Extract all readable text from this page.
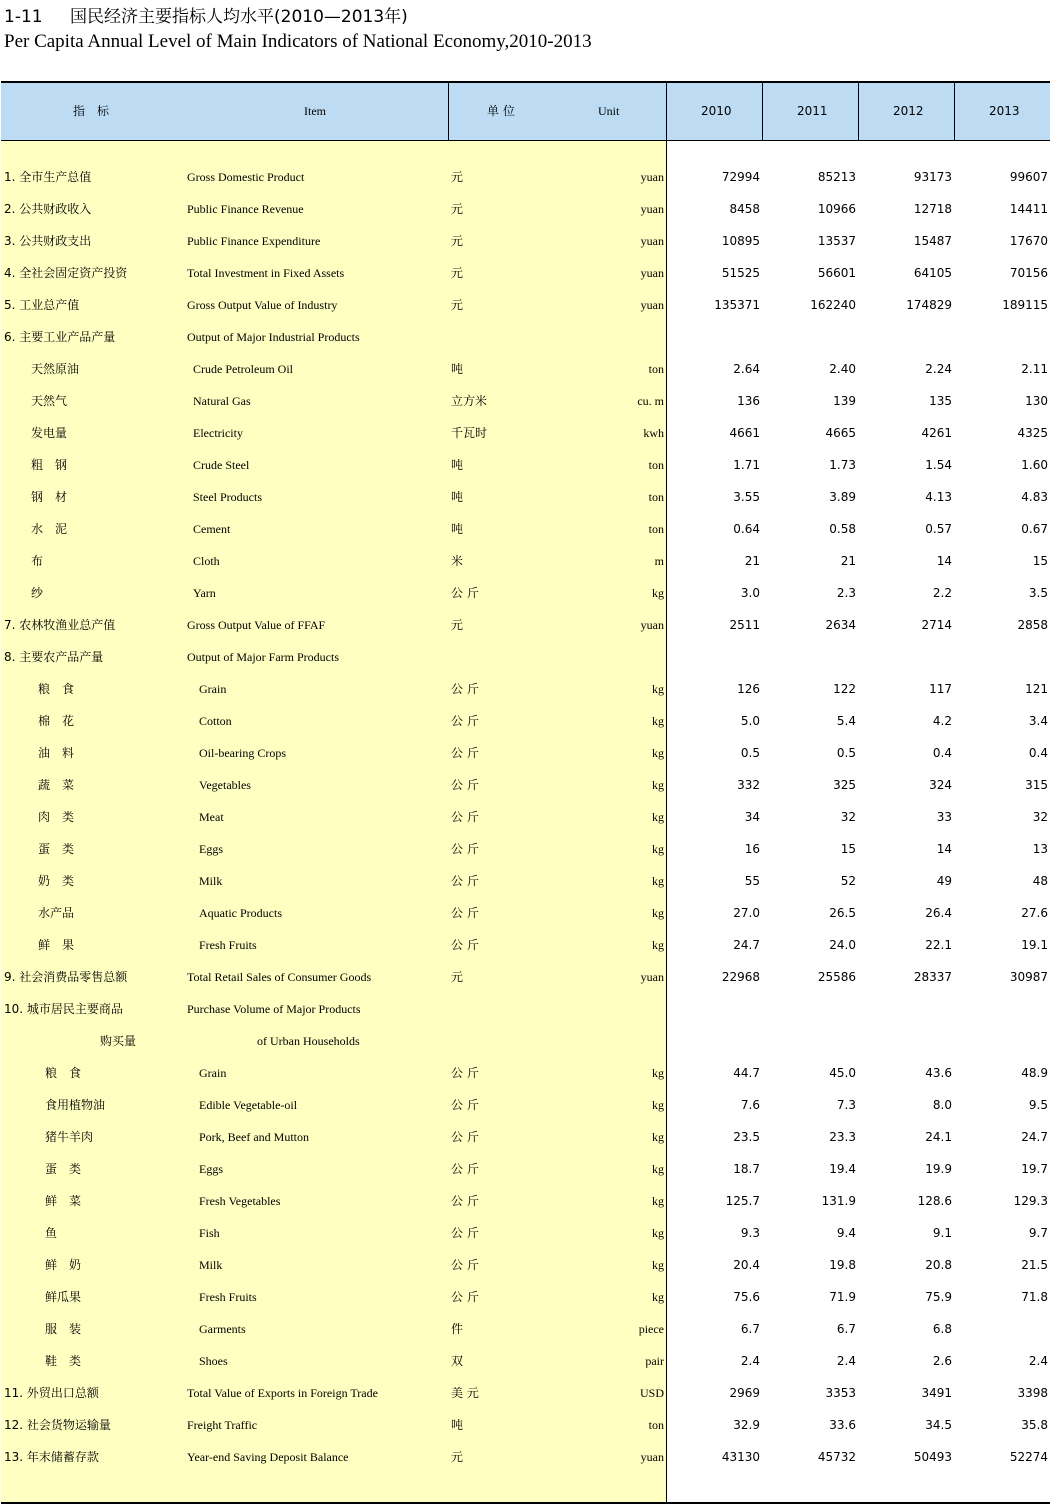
1-11 国民经济主要指标人均水平(2010—2013年)
Per Capita Annual Level of Main Indicators of National Economy,2010-2013
指　标	Item	单 位	Unit	2010	2011	2012	2013
1. 全市生产总值	Gross Domestic Product	元	yuan	72994	85213	93173	99607
2. 公共财政收入	Public Finance Revenue	元	yuan	8458	10966	12718	14411
3. 公共财政支出	Public Finance Expenditure	元	yuan	10895	13537	15487	17670
4. 全社会固定资产投资	Total Investment in Fixed Assets	元	yuan	51525	56601	64105	70156
5. 工业总产值	Gross Output Value of Industry	元	yuan	135371	162240	174829	189115
6. 主要工业产品产量	Output of Major Industrial Products
天然原油	Crude Petroleum Oil	吨	ton	2.64	2.40	2.24	2.11
天然气	Natural Gas	立方米	cu. m	136	139	135	130
发电量	Electricity	千瓦时	kwh	4661	4665	4261	4325
粗　钢	Crude Steel	吨	ton	1.71	1.73	1.54	1.60
钢　材	Steel Products	吨	ton	3.55	3.89	4.13	4.83
水　泥	Cement	吨	ton	0.64	0.58	0.57	0.67
布	Cloth	米	m	21	21	14	15
纱	Yarn	公 斤	kg	3.0	2.3	2.2	3.5
7. 农林牧渔业总产值	Gross Output Value of FFAF	元	yuan	2511	2634	2714	2858
8. 主要农产品产量	Output of Major Farm Products
粮　食	Grain	公 斤	kg	126	122	117	121
棉　花	Cotton	公 斤	kg	5.0	5.4	4.2	3.4
油　料	Oil-bearing Crops	公 斤	kg	0.5	0.5	0.4	0.4
蔬　菜	Vegetables	公 斤	kg	332	325	324	315
肉　类	Meat	公 斤	kg	34	32	33	32
蛋　类	Eggs	公 斤	kg	16	15	14	13
奶　类	Milk	公 斤	kg	55	52	49	48
水产品	Aquatic Products	公 斤	kg	27.0	26.5	26.4	27.6
鲜　果	Fresh Fruits	公 斤	kg	24.7	24.0	22.1	19.1
9. 社会消费品零售总额	Total Retail Sales of Consumer Goods	元	yuan	22968	25586	28337	30987
10. 城市居民主要商品	Purchase Volume of Major Products
购买量	of Urban Households
粮　食	Grain	公 斤	kg	44.7	45.0	43.6	48.9
食用植物油	Edible Vegetable-oil	公 斤	kg	7.6	7.3	8.0	9.5
猪牛羊肉	Pork, Beef and Mutton	公 斤	kg	23.5	23.3	24.1	24.7
蛋　类	Eggs	公 斤	kg	18.7	19.4	19.9	19.7
鲜　菜	Fresh Vegetables	公 斤	kg	125.7	131.9	128.6	129.3
鱼	Fish	公 斤	kg	9.3	9.4	9.1	9.7
鲜　奶	Milk	公 斤	kg	20.4	19.8	20.8	21.5
鲜瓜果	Fresh Fruits	公 斤	kg	75.6	71.9	75.9	71.8
服　装	Garments	件	piece	6.7	6.7	6.8
鞋　类	Shoes	双	pair	2.4	2.4	2.6	2.4
11. 外贸出口总额	Total Value of Exports in Foreign Trade	美 元	USD	2969	3353	3491	3398
12. 社会货物运输量	Freight Traffic	吨	ton	32.9	33.6	34.5	35.8
13. 年末储蓄存款	Year-end Saving Deposit Balance	元	yuan	43130	45732	50493	52274
